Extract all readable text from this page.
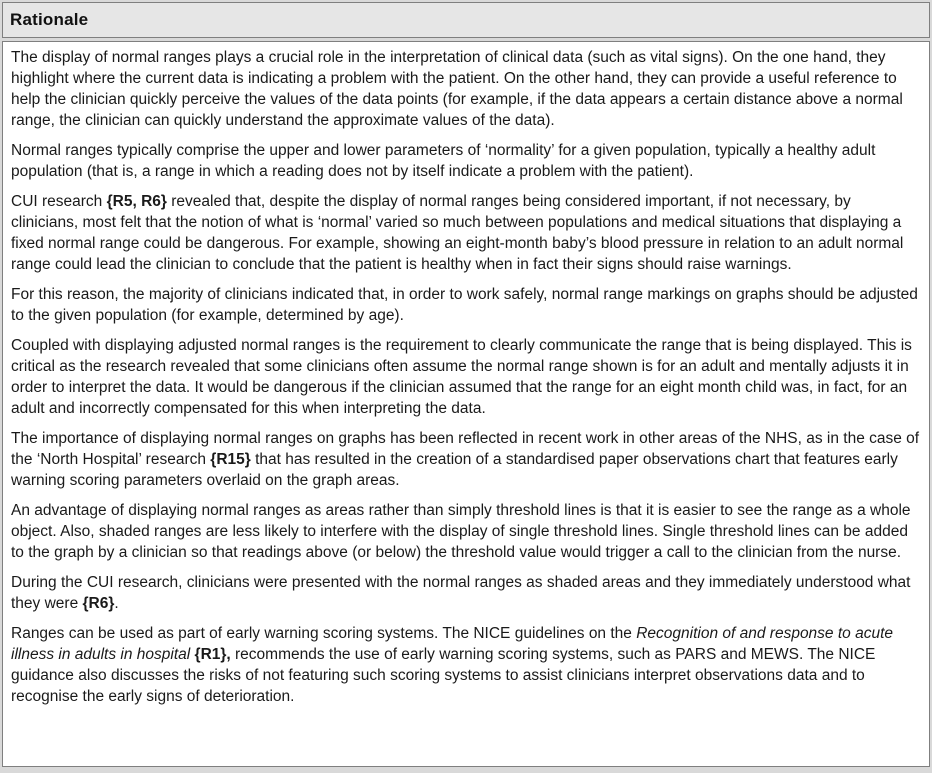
Rationale

The display of normal ranges plays a crucial role in the interpretation of clinical data (such as vital signs). On the one hand, they highlight where the current data is indicating a problem with the patient. On the other hand, they can provide a useful reference to help the clinician quickly perceive the values of the data points (for example, if the data appears a certain distance above a normal range, the clinician can quickly understand the approximate values of the data).

Normal ranges typically comprise the upper and lower parameters of ‘normality’ for a given population, typically a healthy adult population (that is, a range in which a reading does not by itself indicate a problem with the patient).

CUI research {R5, R6} revealed that, despite the display of normal ranges being considered important, if not necessary, by clinicians, most felt that the notion of what is ‘normal’ varied so much between populations and medical situations that displaying a fixed normal range could be dangerous. For example, showing an eight-month baby’s blood pressure in relation to an adult normal range could lead the clinician to conclude that the patient is healthy when in fact their signs should raise warnings.

For this reason, the majority of clinicians indicated that, in order to work safely, normal range markings on graphs should be adjusted to the given population (for example, determined by age).

Coupled with displaying adjusted normal ranges is the requirement to clearly communicate the range that is being displayed. This is critical as the research revealed that some clinicians often assume the normal range shown is for an adult and mentally adjusts it in order to interpret the data. It would be dangerous if the clinician assumed that the range for an eight month child was, in fact, for an adult and incorrectly compensated for this when interpreting the data.

The importance of displaying normal ranges on graphs has been reflected in recent work in other areas of the NHS, as in the case of the ‘North Hospital’ research {R15} that has resulted in the creation of a standardised paper observations chart that features early warning scoring parameters overlaid on the graph areas.

An advantage of displaying normal ranges as areas rather than simply threshold lines is that it is easier to see the range as a whole object. Also, shaded ranges are less likely to interfere with the display of single threshold lines. Single threshold lines can be added to the graph by a clinician so that readings above (or below) the threshold value would trigger a call to the clinician from the nurse.

During the CUI research, clinicians were presented with the normal ranges as shaded areas and they immediately understood what they were {R6}.

Ranges can be used as part of early warning scoring systems. The NICE guidelines on the Recognition of and response to acute illness in adults in hospital {R1}, recommends the use of early warning scoring systems, such as PARS and MEWS. The NICE guidance also discusses the risks of not featuring such scoring systems to assist clinicians interpret observations data and to recognise the early signs of deterioration.
